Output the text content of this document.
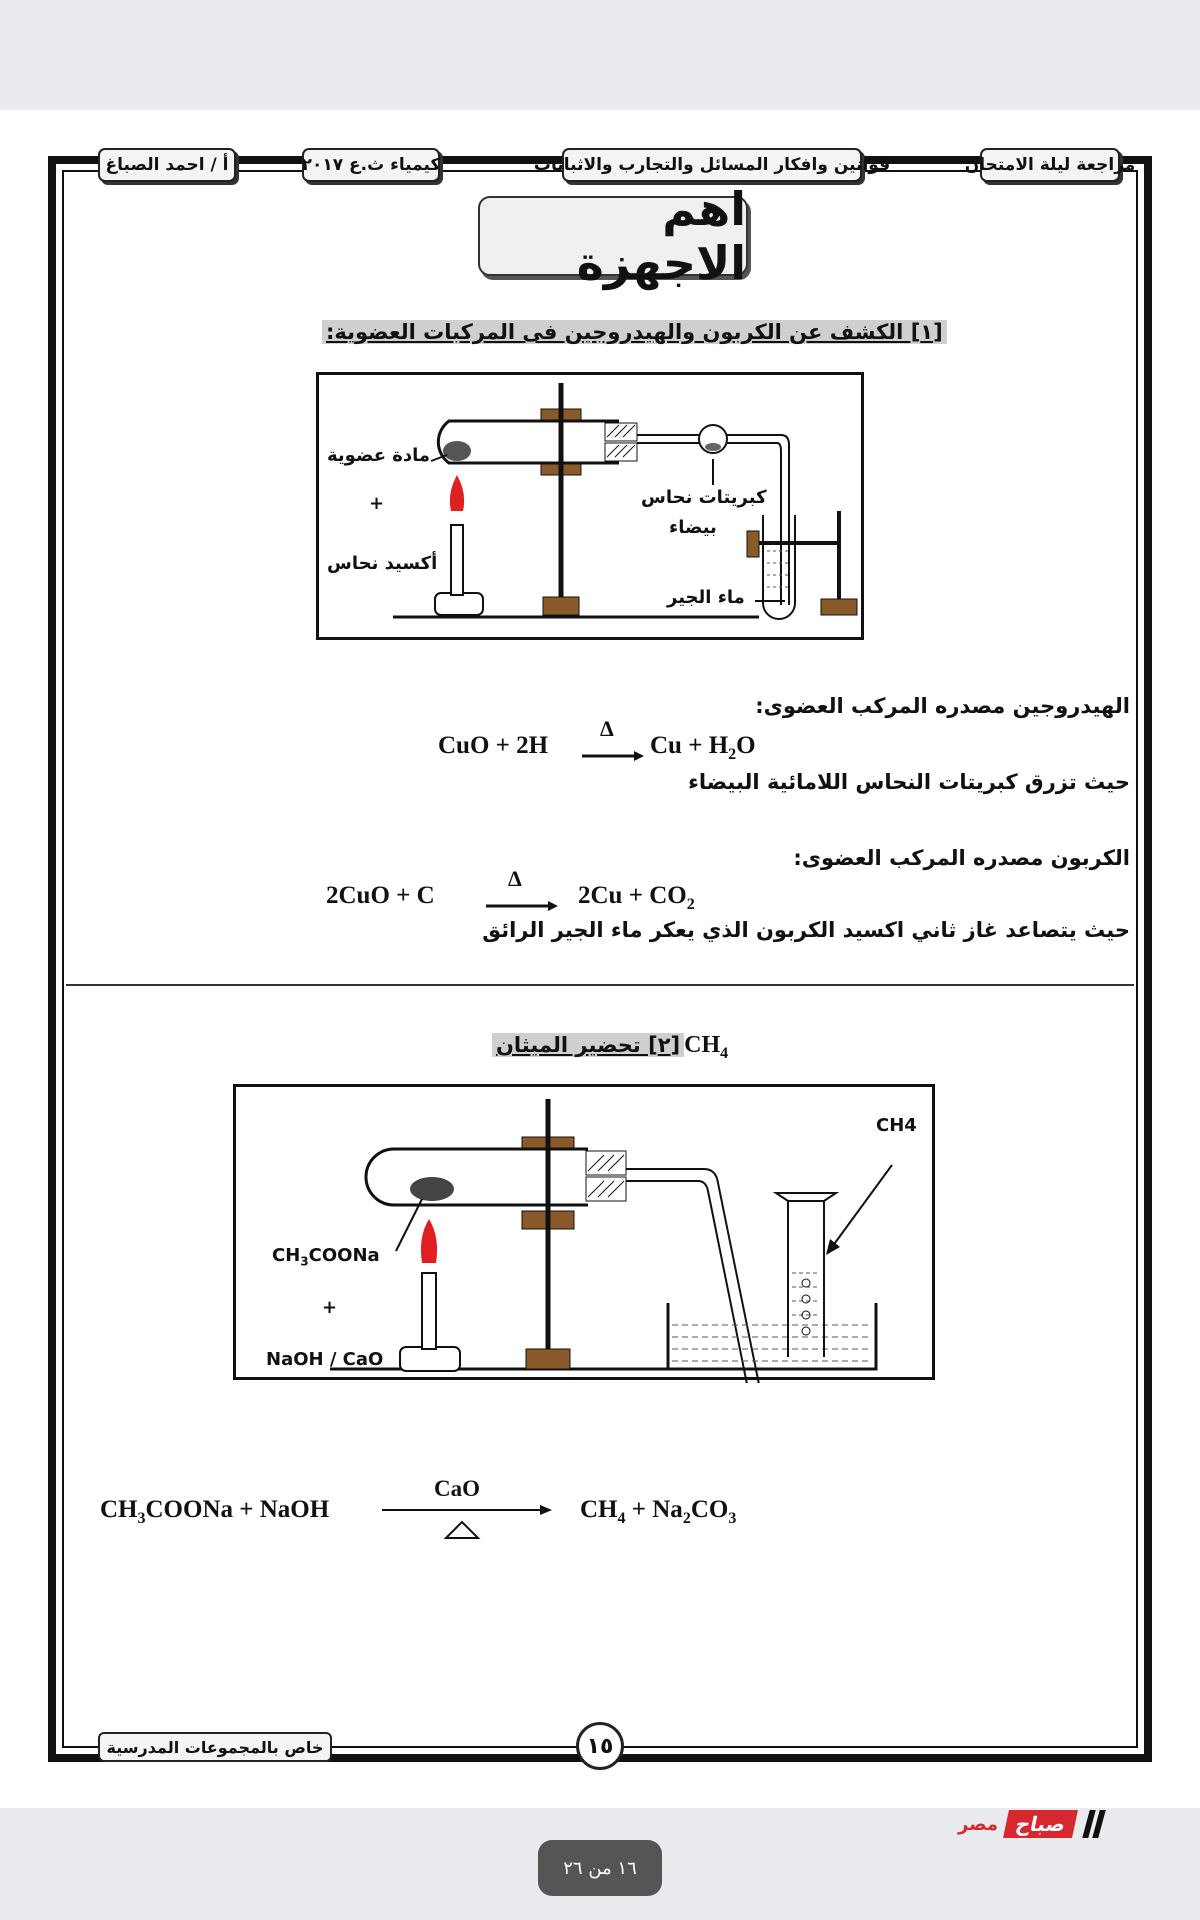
أ / احمد الصباغ	كيمياء ث.ع ٢٠١٧	قوانين وافكار المسائل والتجارب والاثباتات	مراجعة ليلة الامتحان
اهم الاجهزة
[١] الكشف عن الكربون والهيدروجين فى المركبات العضوية:
مادة عضوية
+
أكسيد نحاس
كبريتات نحاس
بيضاء
ماء الجير
الهيدروجين مصدره المركب العضوى:
CuO + 2H
Δ
$Cu + H_2O$
حيث تزرق كبريتات النحاس اللامائية البيضاء
الكربون مصدره المركب العضوى:
2CuO + C
Δ
$2Cu + CO_2$
حيث يتصاعد غاز ثاني اكسيد الكربون الذي يعكر ماء الجير الرائق
$CH_4[٢]$ تحضير الميثان
CH4
$CH_3COONa$
+
NaOH / CaO
$CH_3COONa$ + NaOH
CaO
$CH_4 + Na_2CO_3$
خاص بالمجموعات المدرسية	١٥
صباح
مصر
١٦ من ٢٦
